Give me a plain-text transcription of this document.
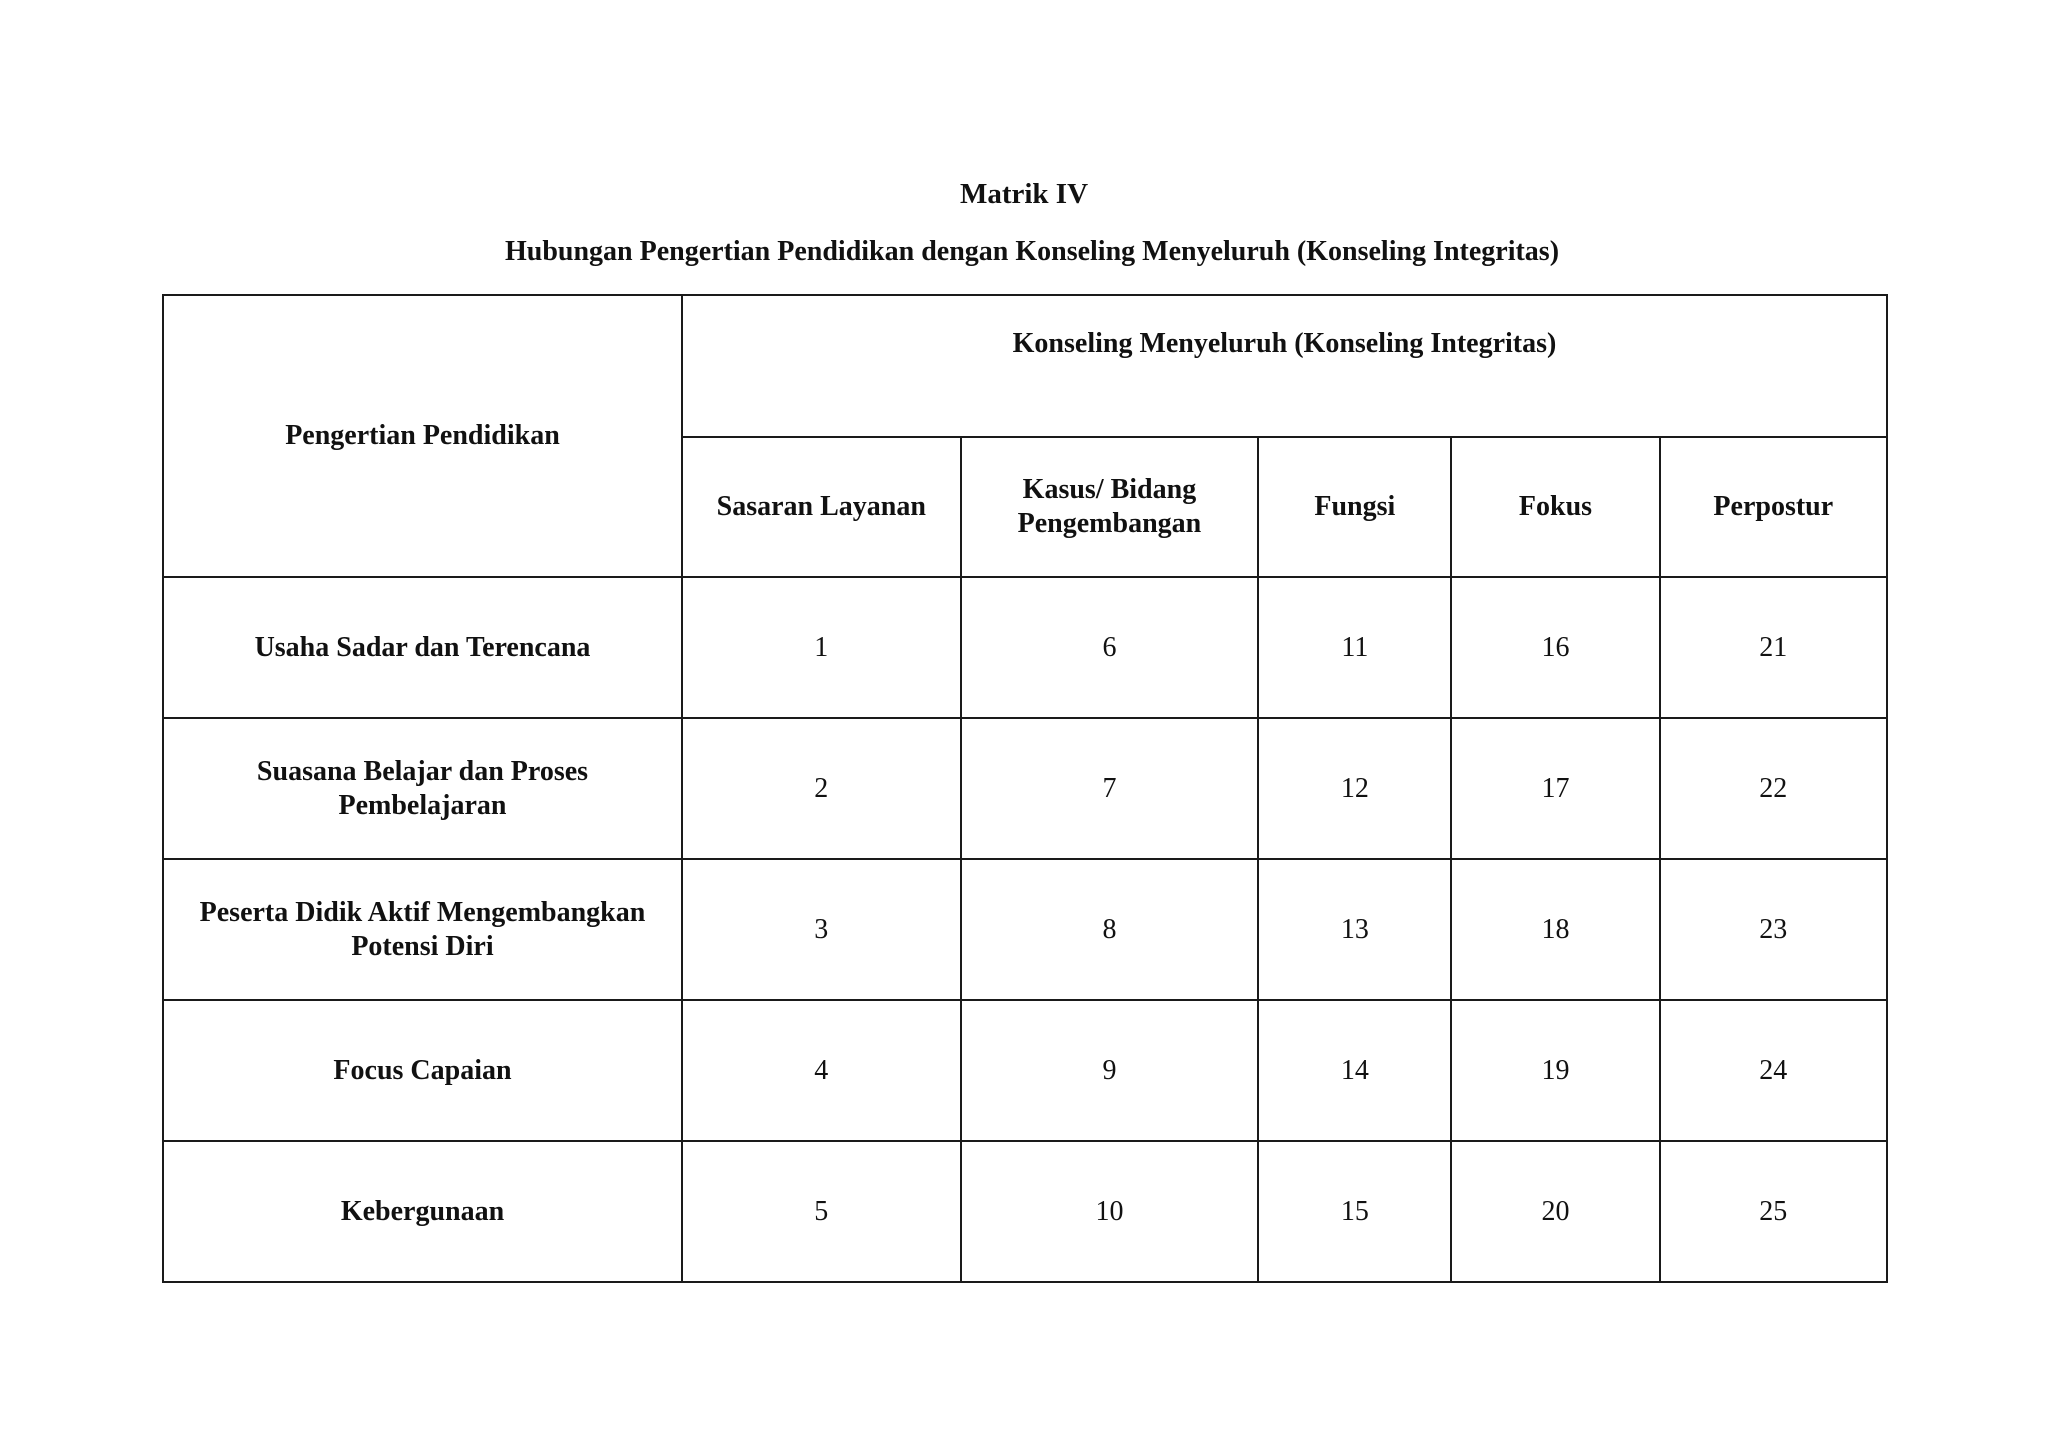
Matrik IV
Hubungan Pengertian Pendidikan dengan Konseling Menyeluruh (Konseling Integritas)
Pengertian Pendidikan	Konseling Menyeluruh (Konseling Integritas)				

	Sasaran Layanan	Kasus/ Bidang Pengembangan	Fungsi	Fokus	Perpostur
Usaha Sadar dan Terencana	1	6	11	16	21
Suasana Belajar dan Proses Pembelajaran	2	7	12	17	22
Peserta Didik Aktif Mengembangkan Potensi Diri	3	8	13	18	23
Focus Capaian	4	9	14	19	24
Kebergunaan	5	10	15	20	25
